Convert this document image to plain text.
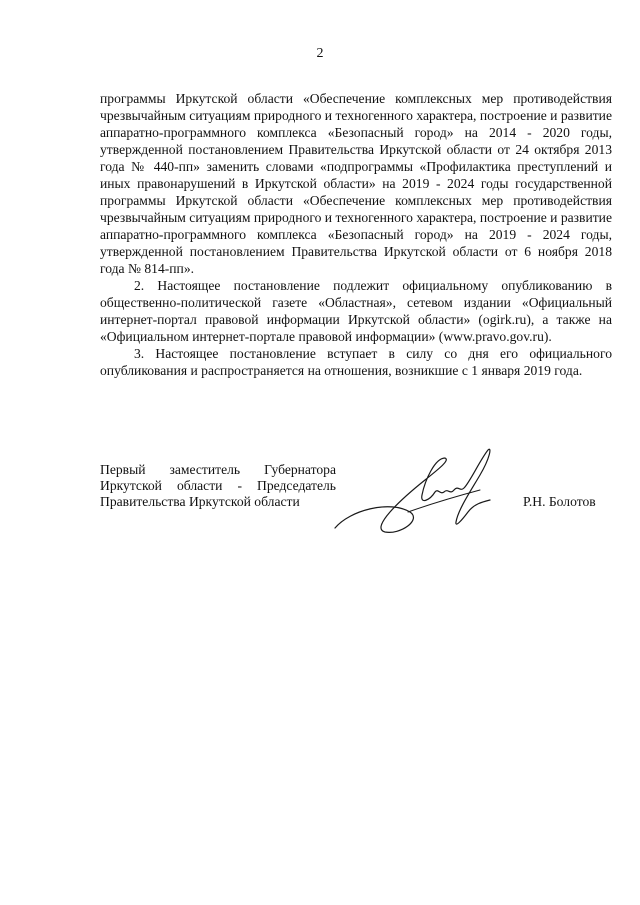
2

программы Иркутской области «Обеспечение комплексных мер противодействия чрезвычайным ситуациям природного и техногенного характера, построение и развитие аппаратно-программного комплекса «Безопасный город» на 2014 - 2020 годы, утвержденной постановлением Правительства Иркутской области от 24 октября 2013 года № 440-пп» заменить словами «подпрограммы «Профилактика преступлений и иных правонарушений в Иркутской области» на 2019 - 2024 годы государственной программы Иркутской области «Обеспечение комплексных мер противодействия чрезвычайным ситуациям природного и техногенного характера, построение и развитие аппаратно-программного комплекса «Безопасный город» на 2019 - 2024 годы, утвержденной постановлением Правительства Иркутской области от 6 ноября 2018 года № 814-пп».

2. Настоящее постановление подлежит официальному опубликованию в общественно-политической газете «Областная», сетевом издании «Официальный интернет-портал правовой информации Иркутской области» (ogirk.ru), а также на «Официальном интернет-портале правовой информации» (www.pravo.gov.ru).

3. Настоящее постановление вступает в силу со дня его официального опубликования и распространяется на отношения, возникшие с 1 января 2019 года.

Первый заместитель Губернатора
Иркутской области - Председатель
Правительства Иркутской области	Р.Н. Болотов
